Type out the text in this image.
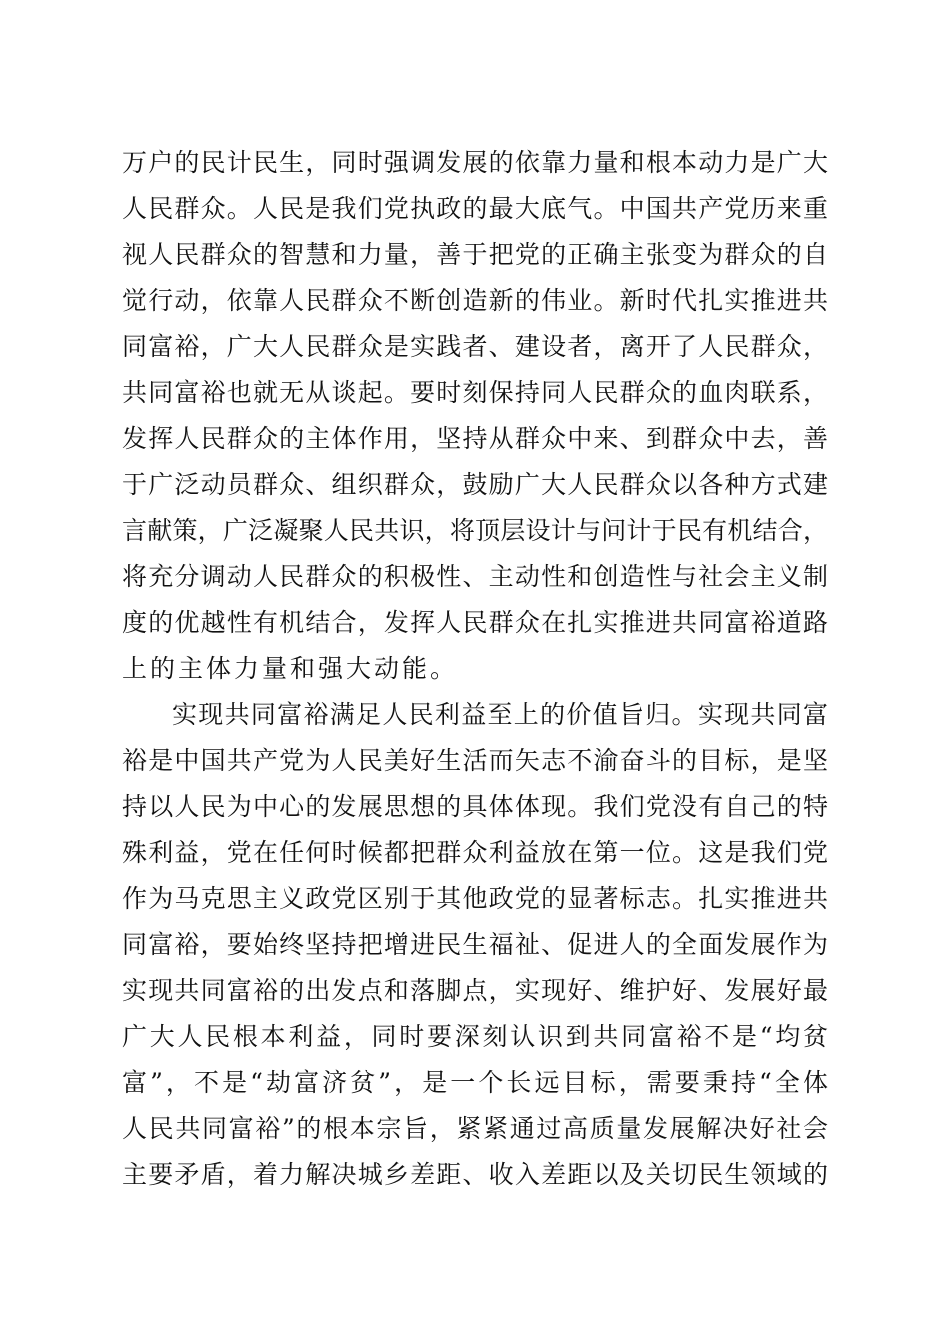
万户的民计民生，同时强调发展的依靠力量和根本动力是广大
人民群众。人民是我们党执政的最大底气。中国共产党历来重
视人民群众的智慧和力量，善于把党的正确主张变为群众的自
觉行动，依靠人民群众不断创造新的伟业。新时代扎实推进共
同富裕，广大人民群众是实践者、建设者，离开了人民群众，
共同富裕也就无从谈起。要时刻保持同人民群众的血肉联系，
发挥人民群众的主体作用，坚持从群众中来、到群众中去，善
于广泛动员群众、组织群众，鼓励广大人民群众以各种方式建
言献策，广泛凝聚人民共识，将顶层设计与问计于民有机结合，
将充分调动人民群众的积极性、主动性和创造性与社会主义制
度的优越性有机结合，发挥人民群众在扎实推进共同富裕道路
上的主体力量和强大动能。
实现共同富裕满足人民利益至上的价值旨归。实现共同富
裕是中国共产党为人民美好生活而矢志不渝奋斗的目标，是坚
持以人民为中心的发展思想的具体体现。我们党没有自己的特
殊利益，党在任何时候都把群众利益放在第一位。这是我们党
作为马克思主义政党区别于其他政党的显著标志。扎实推进共
同富裕，要始终坚持把增进民生福祉、促进人的全面发展作为
实现共同富裕的出发点和落脚点，实现好、维护好、发展好最
广大人民根本利益，同时要深刻认识到共同富裕不是“均贫
富”，不是“劫富济贫”，是一个长远目标，需要秉持“全体
人民共同富裕”的根本宗旨，紧紧通过高质量发展解决好社会
主要矛盾，着力解决城乡差距、收入差距以及关切民生领域的
